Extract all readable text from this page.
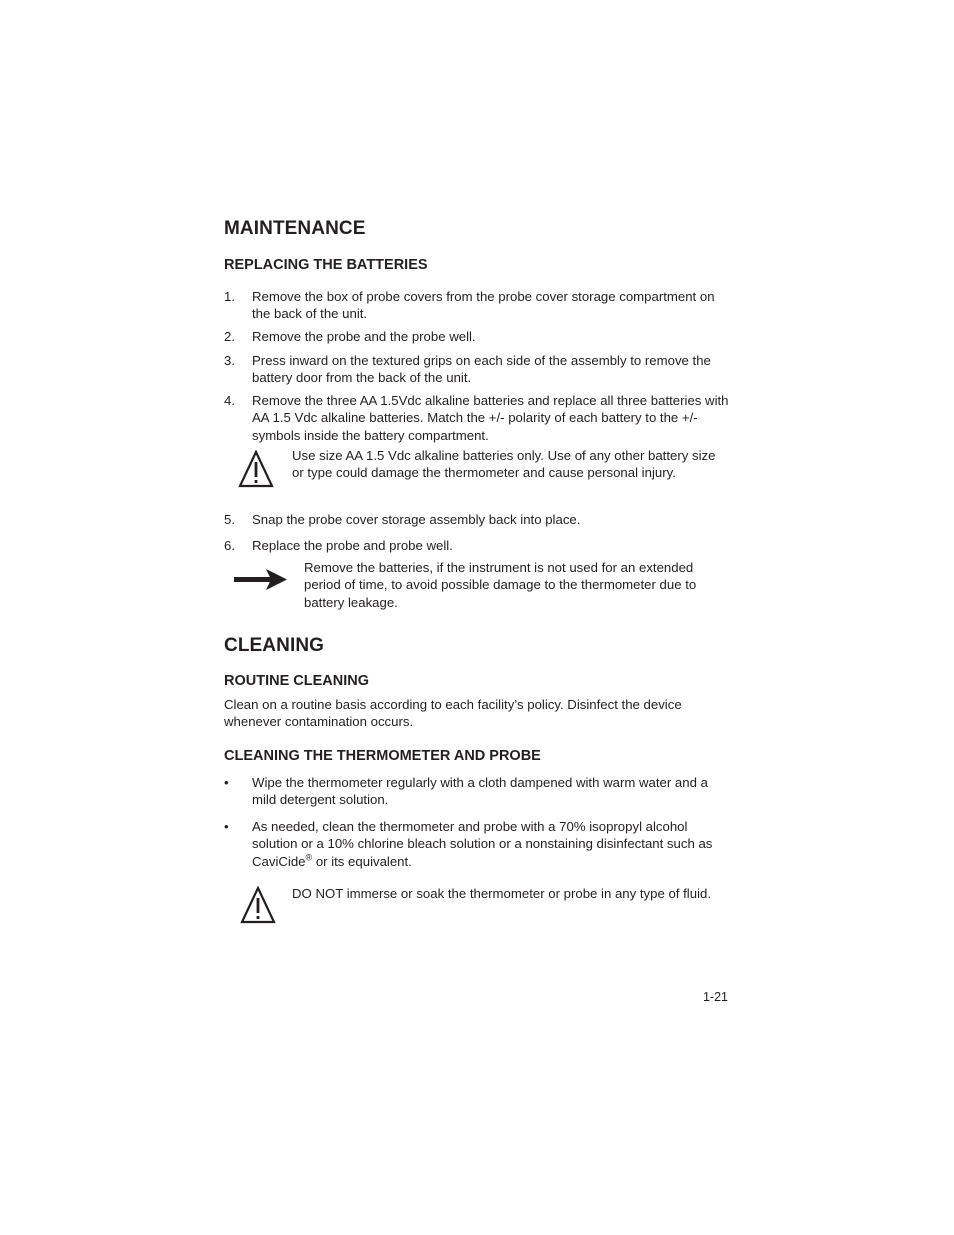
MAINTENANCE
REPLACING THE BATTERIES
1.	Remove the box of probe covers from the probe cover storage compartment on the back of the unit.
2.	Remove the probe and the probe well.
3.	Press inward on the textured grips on each side of the assembly to remove the battery door from the back of the unit.
4.	Remove the three AA 1.5Vdc alkaline batteries and replace all three batteries with AA 1.5 Vdc alkaline batteries. Match the +/- polarity of each battery to the +/- symbols inside the battery compartment.
Use size AA 1.5 Vdc alkaline batteries only. Use of any other battery size or type could damage the thermometer and cause personal injury.
5.	Snap the probe cover storage assembly back into place.
6.	Replace the probe and probe well.
Remove the batteries, if the instrument is not used for an extended period of time, to avoid possible damage to the thermometer due to battery leakage.
CLEANING
ROUTINE CLEANING
Clean on a routine basis according to each facility’s policy. Disinfect the device whenever contamination occurs.
CLEANING THE THERMOMETER AND PROBE
•	Wipe the thermometer regularly with a cloth dampened with warm water and a mild detergent solution.
•	As needed, clean the thermometer and probe with a 70% isopropyl alcohol solution or a 10% chlorine bleach solution or a nonstaining disinfectant such as CaviCide® or its equivalent.
DO NOT immerse or soak the thermometer or probe in any type of fluid.
1-21
